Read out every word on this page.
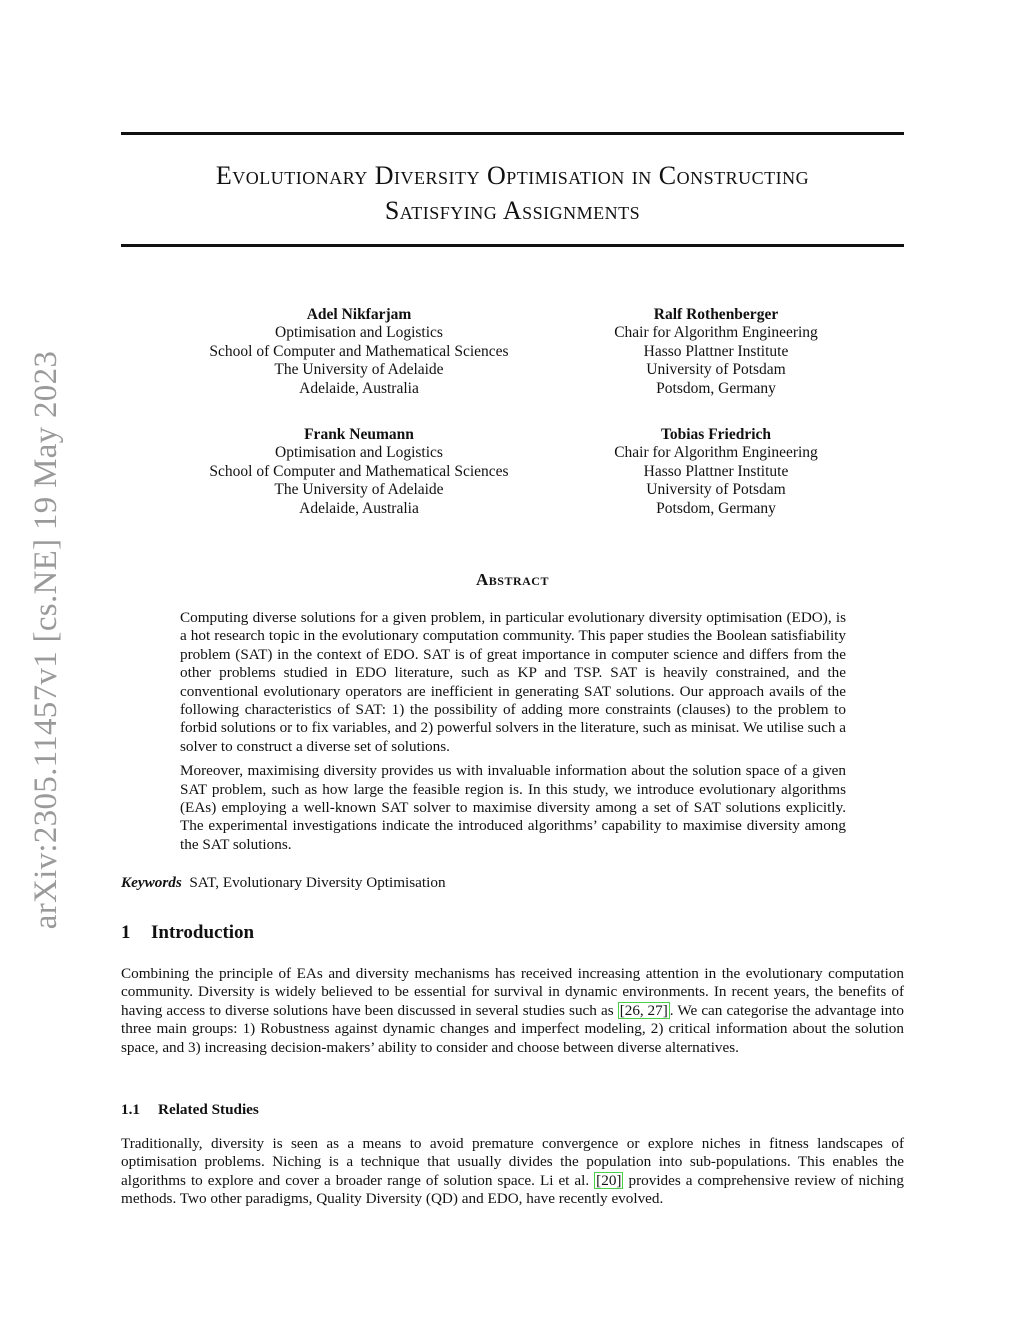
arXiv:2305.11457v1 [cs.NE] 19 May 2023
Evolutionary Diversity Optimisation in Constructing
Satisfying Assignments
Adel Nikfarjam
Optimisation and Logistics
School of Computer and Mathematical Sciences
The University of Adelaide
Adelaide, Australia
Ralf Rothenberger
Chair for Algorithm Engineering
Hasso Plattner Institute
University of Potsdam
Potsdom, Germany
Frank Neumann
Optimisation and Logistics
School of Computer and Mathematical Sciences
The University of Adelaide
Adelaide, Australia
Tobias Friedrich
Chair for Algorithm Engineering
Hasso Plattner Institute
University of Potsdam
Potsdom, Germany
Abstract

Computing diverse solutions for a given problem, in particular evolutionary diversity optimisation (EDO), is a hot research topic in the evolutionary computation community. This paper studies the Boolean satisfiability problem (SAT) in the context of EDO. SAT is of great importance in computer science and differs from the other problems studied in EDO literature, such as KP and TSP. SAT is heavily constrained, and the conventional evolutionary operators are inefficient in generating SAT solutions. Our approach avails of the following characteristics of SAT: 1) the possibility of adding more constraints (clauses) to the problem to forbid solutions or to fix variables, and 2) powerful solvers in the literature, such as minisat. We utilise such a solver to construct a diverse set of solutions.

Moreover, maximising diversity provides us with invaluable information about the solution space of a given SAT problem, such as how large the feasible region is. In this study, we introduce evolutionary algorithms (EAs) employing a well-known SAT solver to maximise diversity among a set of SAT solutions explicitly. The experimental investigations indicate the introduced algorithms’ capability to maximise diversity among the SAT solutions.

Keywords SAT, Evolutionary Diversity Optimisation
1 Introduction

Combining the principle of EAs and diversity mechanisms has received increasing attention in the evolutionary computation community. Diversity is widely believed to be essential for survival in dynamic environments. In recent years, the benefits of having access to diverse solutions have been discussed in several studies such as [26, 27] . We can categorise the advantage into three main groups: 1) Robustness against dynamic changes and imperfect modeling, 2) critical information about the solution space, and 3) increasing decision-makers’ ability to consider and choose between diverse alternatives.

1.1 Related Studies

Traditionally, diversity is seen as a means to avoid premature convergence or explore niches in fitness landscapes of optimisation problems. Niching is a technique that usually divides the population into sub-populations. This enables the algorithms to explore and cover a broader range of solution space. Li et al. [20] provides a comprehensive review of niching methods. Two other paradigms, Quality Diversity (QD) and EDO, have recently evolved.
